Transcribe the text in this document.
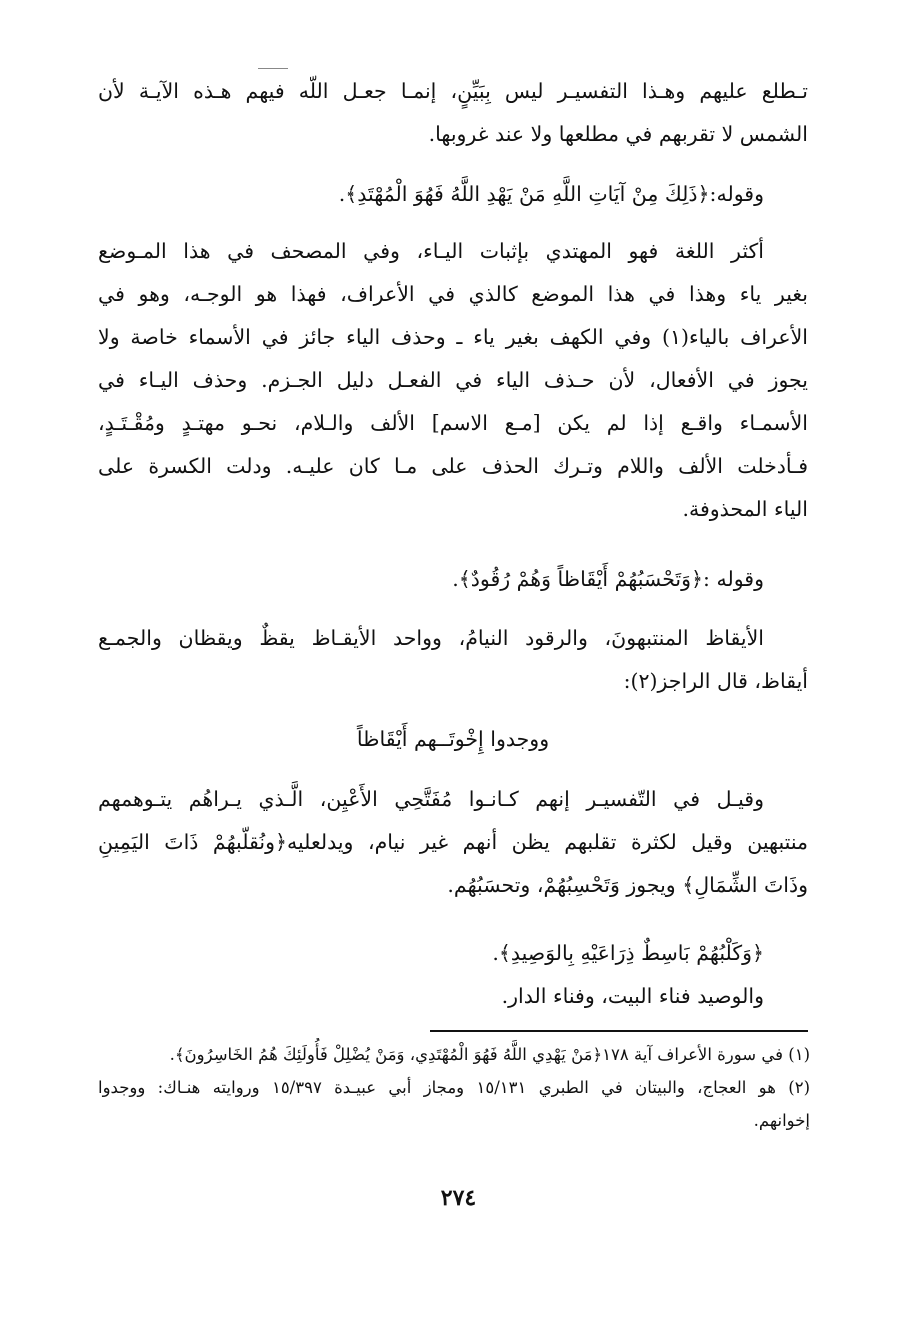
تـطلع عليهم وهـذا التفسيـر ليس بِبَيِّنٍ، إنمـا جعـل اللّه فيهم هـذه الآيـة لأن
الشمس لا تقربهم في مطلعها ولا عند غروبها.
وقوله:﴿ذَلِكَ مِنْ آيَاتِ اللَّهِ مَنْ يَهْدِ اللَّهُ فَهُوَ الْمُهْتَدِ﴾.
أكثر اللغة فهو المهتدي بإثبات اليـاء، وفي المصحف في هذا المـوضع
بغير ياء وهذا في هذا الموضع كالذي في الأعراف، فهذا هو الوجـه، وهو في
الأعراف بالياء(١) وفي الكهف بغير ياء ـ وحذف الياء جائز في الأسماء خاصة ولا
يجوز في الأفعال، لأن حـذف الياء في الفعـل دليل الجـزم. وحذف اليـاء في
الأسمـاء واقـع إذا لم يكن [مـع الاسم] الألف والـلام، نحـو مهتـدٍ ومُقْـتَـدٍ،
فـأدخلت الألف واللام وتـرك الحذف على مـا كان عليـه. ودلت الكسرة على
الياء المحذوفة.
وقوله :﴿وَتَحْسَبُهُمْ أَيْقَاظاً وَهُمْ رُقُودٌ﴾.
الأيقاظ المنتبهونَ، والرقود النيامُ، وواحد الأيقـاظ يقظٌ ويقظان والجمـع
أيقاظ، قال الراجز(٢):
ووجدوا إِخْوتَــهم أَيْقَاظاً
وقيـل في التّفسيـر إنهم كـانـوا مُفَتَّحِي الأَعْيِن، الَّـذي يـراهُم يتـوهمهم
منتبهين وقيل لكثرة تقلبهم يظن أنهم غير نيام، ويدلعليه﴿ونُقلّبهُمْ ذَاتَ اليَمِينِ
وذَاتَ الشِّمَالِ﴾ ويجوز وَتَحْسِبُهُمْ، وتحسَبُهُم.
﴿وَكَلْبُهُمْ بَاسِطٌ ذِرَاعَيْهِ بِالوَصِيدِ﴾.
والوصيد فناء البيت، وفناء الدار.
(١) في سورة الأعراف آية ١٧٨﴿مَنْ يَهْدِي اللَّهُ فَهُوَ الْمُهْتَدِي، وَمَنْ يُضْلِلْ فَأُولَئِكَ هُمُ الخَاسِرُونَ﴾.
(٢) هو العجاج، والبيتان في الطبري ١٥/١٣١ ومجاز أبي عبيـدة ١٥/٣٩٧ وروايته هنـاك: ووجدوا
إخوانهم.
٢٧٤
